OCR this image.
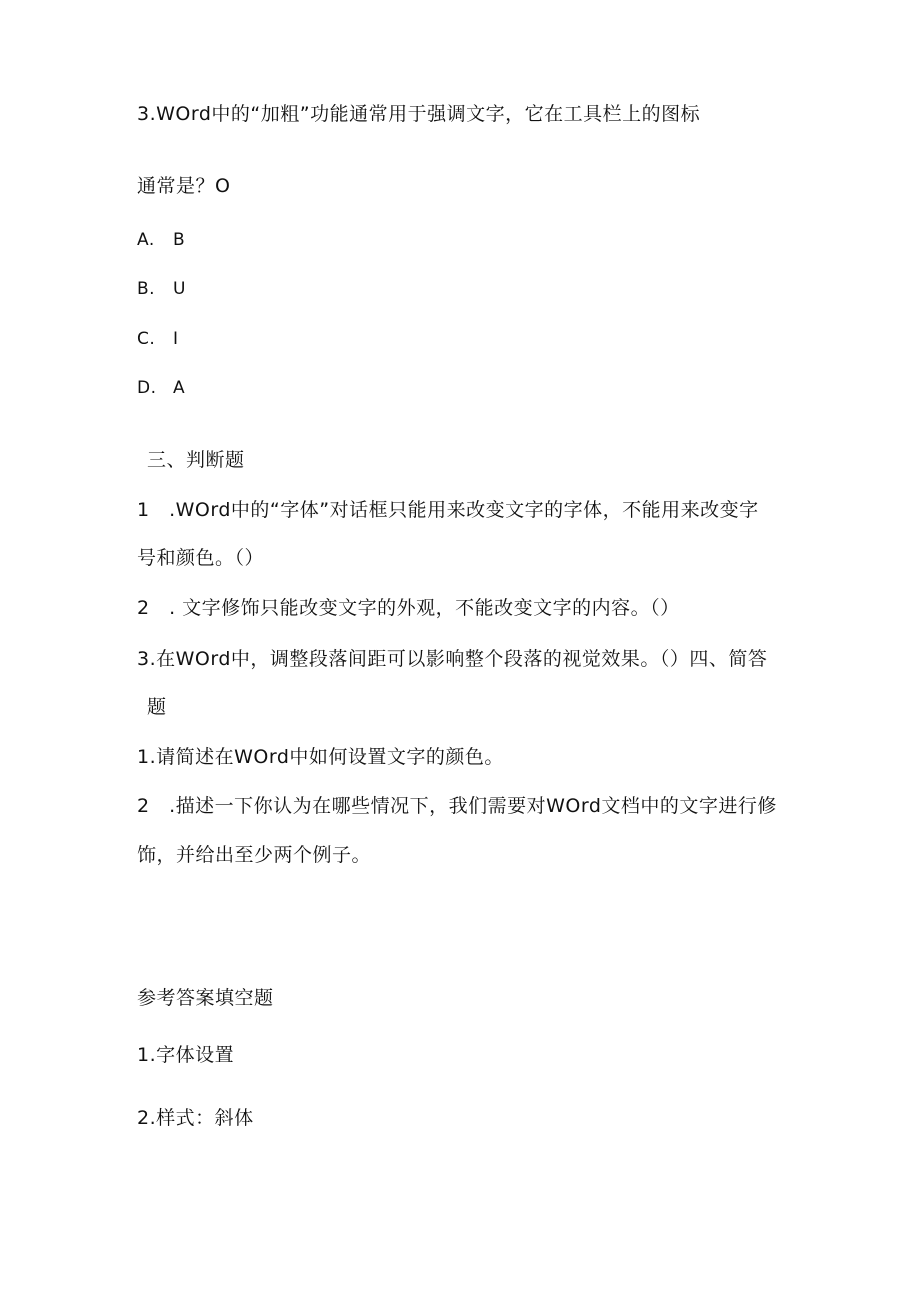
3.WOrd中的“加粗”功能通常用于强调文字，它在工具栏上的图标
通常是？O
A. B
B. U
C. I
D. A
三、判断题
1　.WOrd中的“字体”对话框只能用来改变文字的字体，不能用来改变字
号和颜色。（）
2　. 文字修饰只能改变文字的外观，不能改变文字的内容。（）
3.在WOrd中，调整段落间距可以影响整个段落的视觉效果。（）四、简答
题
1.请简述在WOrd中如何设置文字的颜色。
2　.描述一下你认为在哪些情况下，我们需要对WOrd文档中的文字进行修
饰，并给出至少两个例子。
参考答案填空题
1.字体设置
2.样式：斜体
